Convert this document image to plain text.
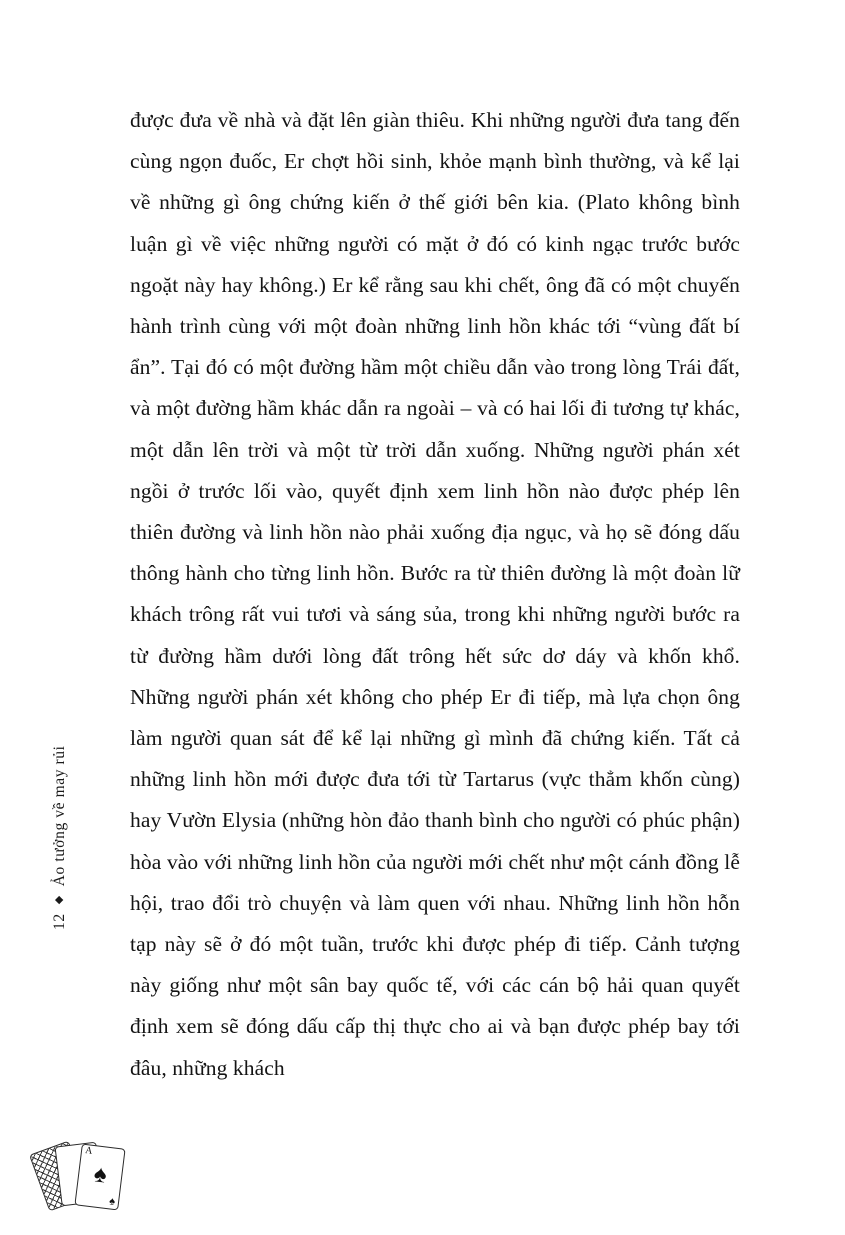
được đưa về nhà và đặt lên giàn thiêu. Khi những người đưa tang đến cùng ngọn đuốc, Er chợt hồi sinh, khỏe mạnh bình thường, và kể lại về những gì ông chứng kiến ở thế giới bên kia. (Plato không bình luận gì về việc những người có mặt ở đó có kinh ngạc trước bước ngoặt này hay không.) Er kể rằng sau khi chết, ông đã có một chuyến hành trình cùng với một đoàn những linh hồn khác tới “vùng đất bí ẩn”. Tại đó có một đường hầm một chiều dẫn vào trong lòng Trái đất, và một đường hầm khác dẫn ra ngoài – và có hai lối đi tương tự khác, một dẫn lên trời và một từ trời dẫn xuống. Những người phán xét ngồi ở trước lối vào, quyết định xem linh hồn nào được phép lên thiên đường và linh hồn nào phải xuống địa ngục, và họ sẽ đóng dấu thông hành cho từng linh hồn. Bước ra từ thiên đường là một đoàn lữ khách trông rất vui tươi và sáng sủa, trong khi những người bước ra từ đường hầm dưới lòng đất trông hết sức dơ dáy và khốn khổ. Những người phán xét không cho phép Er đi tiếp, mà lựa chọn ông làm người quan sát để kể lại những gì mình đã chứng kiến. Tất cả những linh hồn mới được đưa tới từ Tartarus (vực thẳm khốn cùng) hay Vườn Elysia (những hòn đảo thanh bình cho người có phúc phận) hòa vào với những linh hồn của người mới chết như một cánh đồng lễ hội, trao đổi trò chuyện và làm quen với nhau. Những linh hồn hỗn tạp này sẽ ở đó một tuần, trước khi được phép đi tiếp. Cảnh tượng này giống như một sân bay quốc tế, với các cán bộ hải quan quyết định xem sẽ đóng dấu cấp thị thực cho ai và bạn được phép bay tới đâu, những khách

12
◆
Ảo tưởng về may rủi
A
♠
♠
